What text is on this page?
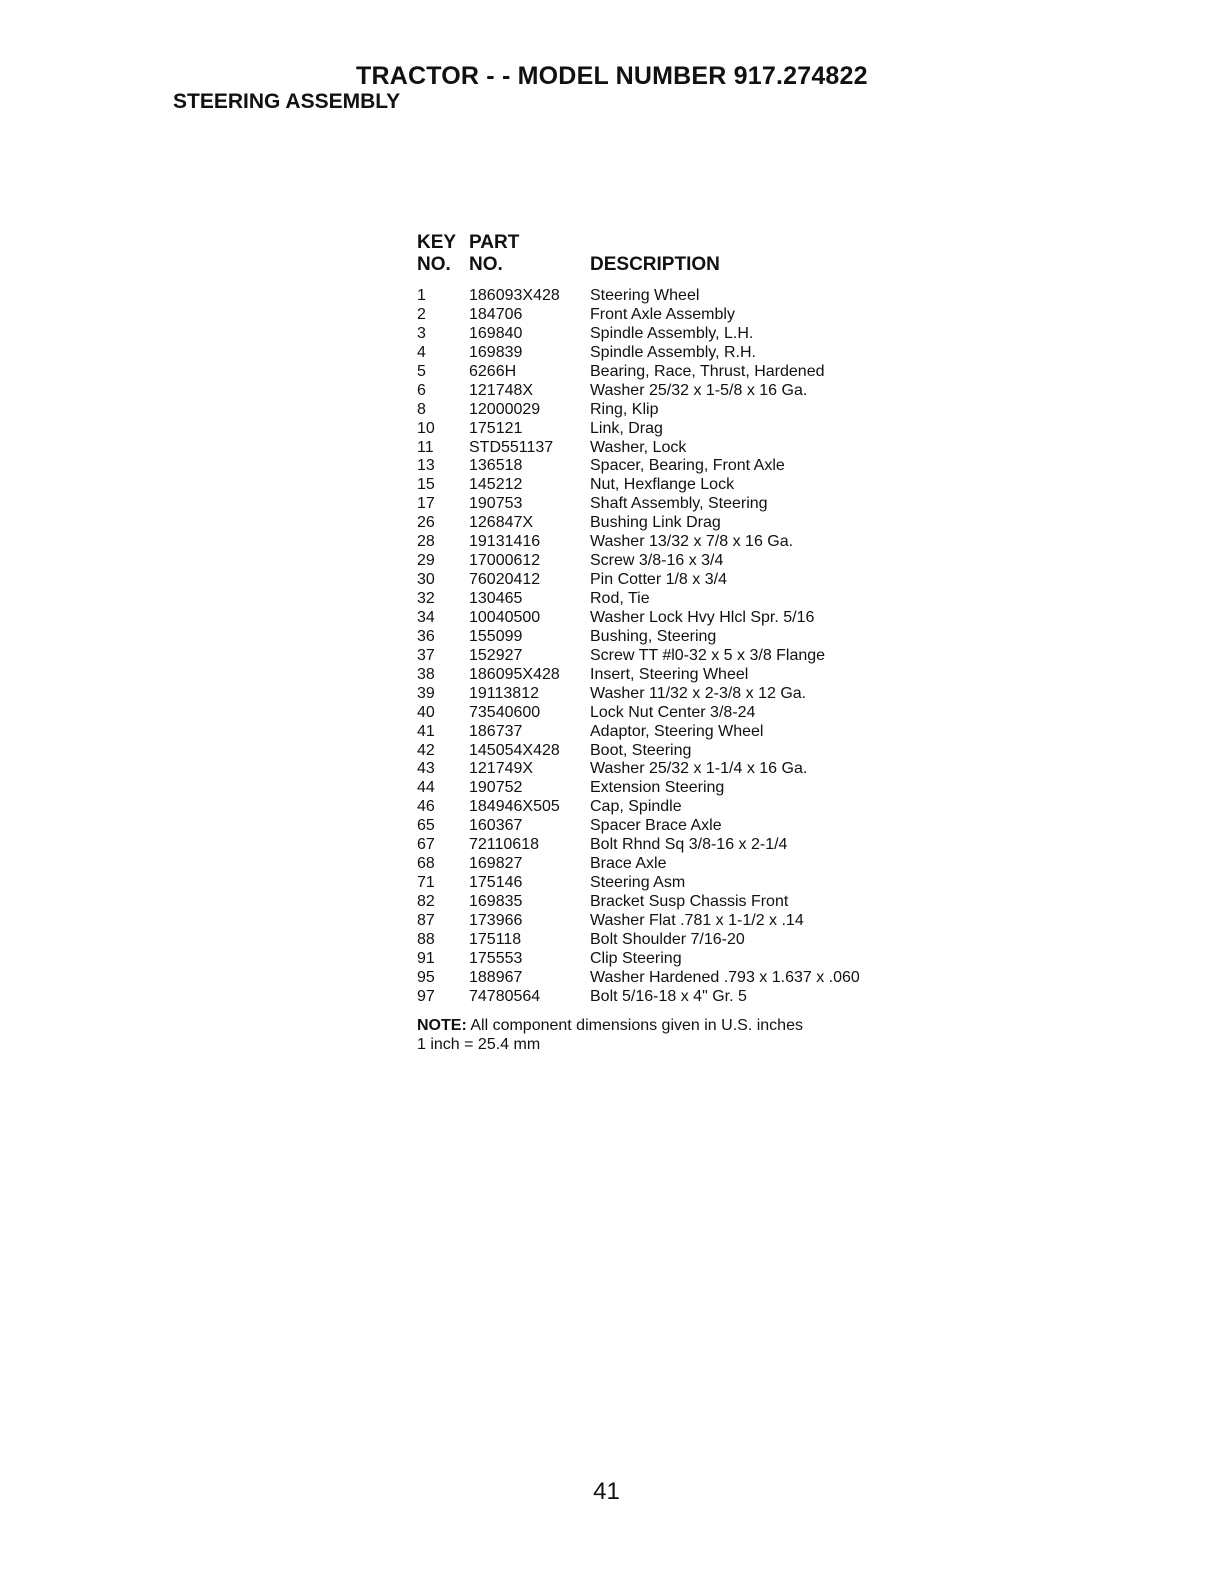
TRACTOR - - MODEL NUMBER 917.274822
STEERING ASSEMBLY
KEY PART
NO. NO.	DESCRIPTION
1	186093X428 Steering Wheel
2	184706	Front Axle Assembly
3	169840	Spindle Assembly, L.H.
4	169839	Spindle Assembly, R.H.
5	6266H	Bearing, Race, Thrust, Hardened
6	121748X	Washer 25/32 x 1-5/8 x 16 Ga.
8	12000029	Ring, Klip
10 175121	Link, Drag
11 STD551137 Washer, Lock
13 136518	Spacer, Bearing, Front Axle
15 145212	Nut, Hexflange Lock
17 190753	Shaft Assembly, Steering
26 126847X	Bushing Link Drag
28 19131416	Washer 13/32 x 7/8 x 16 Ga.
29 17000612	Screw 3/8-16 x 3/4
30 76020412	Pin Cotter 1/8 x 3/4
32 130465	Rod, Tie
34 10040500	Washer Lock Hvy Hlcl Spr. 5/16
36 155099	Bushing, Steering
37 152927	Screw TT #l0-32 x 5 x 3/8 Flange
38 186095X428 Insert, Steering Wheel
39 19113812	Washer 11/32 x 2-3/8 x 12 Ga.
40 73540600	Lock Nut Center 3/8-24
41 186737	Adaptor, Steering Wheel
42 145054X428 Boot, Steering
43 121749X	Washer 25/32 x 1-1/4 x 16 Ga.
44 190752	Extension Steering
46 184946X505 Cap, Spindle
65 160367	Spacer Brace Axle
67 72110618	Bolt Rhnd Sq 3/8-16 x 2-1/4
68 169827	Brace Axle
71 175146	Steering Asm
82 169835	Bracket Susp Chassis Front
87 173966	Washer Flat .781 x 1-1/2 x .14
88 175118	Bolt Shoulder 7/16-20
91 175553	Clip Steering
95 188967	Washer Hardened .793 x 1.637 x .060
97 74780564	Bolt 5/16-18 x 4" Gr. 5
NOTE: All component dimensions given in U.S. inches
1 inch = 25.4 mm
41
